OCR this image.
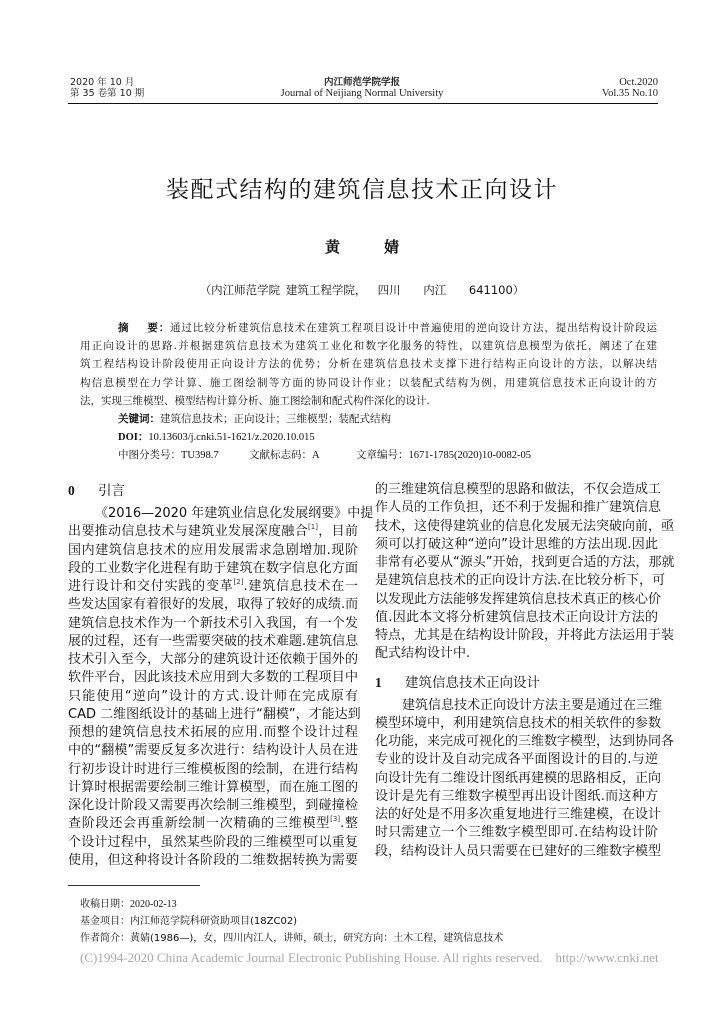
2020 年 10 月
第 35 卷第 10 期
内江师范学院学报
Journal of Neijiang Normal University
Oct.2020
Vol.35 No.10
装配式结构的建筑信息技术正向设计
黄	婧
（内江师范学院 建筑工程学院，  四川    内江    641100）
摘    要：通过比较分析建筑信息技术在建筑工程项目设计中普遍使用的逆向设计方法，提出结构设计阶段运
用正向设计的思路.并根据建筑信息技术为建筑工业化和数字化服务的特性，以建筑信息模型为依托，阐述了在建
筑工程结构设计阶段使用正向设计方法的优势；分析在建筑信息技术支撑下进行结构正向设计的方法，以解决结
构信息模型在力学计算、施工图绘制等方面的协同设计作业；以装配式结构为例，用建筑信息技术正向设计的方
法，实现三维模型、模型结构计算分析、施工图绘制和配式构件深化的设计.
关键词：建筑信息技术；正向设计；三维模型；装配式结构
DOI：10.13603/j.cnki.51-1621/z.2020.10.015
中图分类号：TU398.7	文献标志码：A	文章编号：1671-1785(2020)10-0082-05
0 引言
《2016—2020 年建筑业信息化发展纲要》中提
出要推动信息技术与建筑业发展深度融合[1]，目前
国内建筑信息技术的应用发展需求急剧增加.现阶
段的工业数字化进程有助于建筑在数字信息化方面
进行设计和交付实践的变革[2].建筑信息技术在一
些发达国家有着很好的发展，取得了较好的成绩.而
建筑信息技术作为一个新技术引入我国，有一个发
展的过程，还有一些需要突破的技术难题.建筑信息
技术引入至今，大部分的建筑设计还依赖于国外的
软件平台，因此该技术应用到大多数的工程项目中
只能使用“逆向”设计的方式.设计师在完成原有
CAD 二维图纸设计的基础上进行“翻模”，才能达到
预想的建筑信息技术拓展的应用.而整个设计过程
中的“翻模”需要反复多次进行：结构设计人员在进
行初步设计时进行三维模板图的绘制，在进行结构
计算时根据需要绘制三维计算模型，而在施工图的
深化设计阶段又需要再次绘制三维模型，到碰撞检
查阶段还会再重新绘制一次精确的三维模型[3].整
个设计过程中，虽然某些阶段的三维模型可以重复
使用，但这种将设计各阶段的二维数据转换为需要
的三维建筑信息模型的思路和做法，不仅会造成工
作人员的工作负担，还不利于发掘和推广建筑信息
技术，这使得建筑业的信息化发展无法突破向前，亟
须可以打破这种“逆向”设计思维的方法出现.因此
非常有必要从“源头”开始，找到更合适的方法，那就
是建筑信息技术的正向设计方法.在比较分析下，可
以发现此方法能够发挥建筑信息技术真正的核心价
值.因此本文将分析建筑信息技术正向设计方法的
特点，尤其是在结构设计阶段，并将此方法运用于装
配式结构设计中.
1 建筑信息技术正向设计
建筑信息技术正向设计方法主要是通过在三维
模型环境中，利用建筑信息技术的相关软件的参数
化功能，来完成可视化的三维数字模型，达到协同各
专业的设计及自动完成各平面图设计的目的.与逆
向设计先有二维设计图纸再建模的思路相反，正向
设计是先有三维数字模型再出设计图纸.而这种方
法的好处是不用多次重复地进行三维建模，在设计
时只需建立一个三维数字模型即可.在结构设计阶
段，结构设计人员只需要在已建好的三维数字模型
收稿日期：2020-02-13
基金项目：内江师范学院科研资助项目(18ZC02)
作者简介：黄婧(1986—)，女，四川内江人，讲师，硕士，研究方向：土木工程，建筑信息技术
(C)1994-2020 China Academic Journal Electronic Publishing House. All rights reserved.    http://www.cnki.net
